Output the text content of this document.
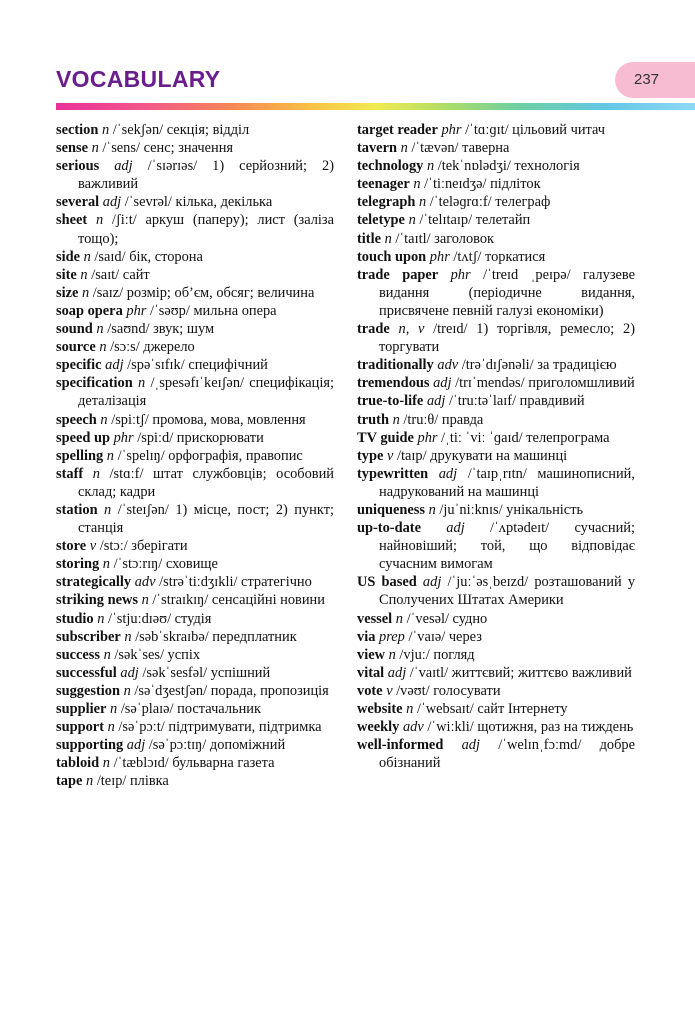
VOCABULARY	237
section n /ˈsekʃən/ секція; відділ
sense n /ˈsens/ сенс; значення
serious adj /ˈsɪərɪəs/ 1) серйозний; 2) важливий
several adj /ˈsevrəl/ кілька, декілька
sheet n /ʃiːt/ аркуш (паперу); лист (заліза тощо);
side n /saɪd/ бік, сторона
site n /saɪt/ сайт
size n /saɪz/ розмір; об’єм, обсяг; величина
soap opera phr /ˈsəʊp/ мильна опера
sound n /saʊnd/ звук; шум
source n /sɔːs/ джерело
specific adj /spəˈsɪfɪk/ специфічний
specification n /ˌspesəfɪˈkeɪʃən/ специфікація; деталізація
speech n /spiːtʃ/ промова, мова, мовлення
speed up phr /spiːd/ прискорювати
spelling n /ˈspelɪŋ/ орфографія, правопис
staff n /stɑːf/ штат службовців; особовий склад; кадри
station n /ˈsteɪʃən/ 1) місце, пост; 2) пункт; станція
store v /stɔː/ зберігати
storing n /ˈstɔːrɪŋ/ сховище
strategically adv /strəˈtiːdʒɪkli/ стратегічно
striking news n /ˈstraɪkɪŋ/ сенсаційні новини
studio n /ˈstjuːdɪəʊ/ студія
subscriber n /səbˈskraɪbə/ передплатник
success n /səkˈses/ успіх
successful adj /səkˈsesfəl/ успішний
suggestion n /səˈdʒestʃən/ порада, пропозиція
supplier n /səˈplaɪə/ постачальник
support n /səˈpɔːt/ підтримувати, підтримка
supporting adj /səˈpɔːtɪŋ/ допоміжний
tabloid n /ˈtæblɔɪd/ бульварна газета
tape n /teɪp/ плівка
target reader phr /ˈtɑːɡɪt/ цільовий читач
tavern n /ˈtævən/ таверна
technology n /tekˈnɒlədʒi/ технологія
teenager n /ˈtiːneɪdʒə/ підліток
telegraph n /ˈteləɡrɑːf/ телеграф
teletype n /ˈtelɪtaɪp/ телетайп
title n /ˈtaɪtl/ заголовок
touch upon phr /tʌtʃ/ торкатися
trade paper phr /ˈtreɪd ˌpeɪpə/ галузеве видання (періодичне видання, присвячене певній галузі економіки)
trade n, v /treɪd/ 1) торгівля, ремесло; 2) торгувати
traditionally adv /trəˈdɪʃənəli/ за традицією
tremendous adj /trɪˈmendəs/ приголомшливий
true-to-life adj /ˈtruːtəˈlaɪf/ правдивий
truth n /truːθ/ правда
TV guide phr /ˌtiː ˈviː ˈɡaɪd/ телепрограма
type v /taɪp/ друкувати на машинці
typewritten adj /ˈtaɪpˌrɪtn/ машинописний, надрукований на машинці
uniqueness n /juˈniːknɪs/ унікальність
up-to-date adj /ˈʌptədeɪt/ сучасний; найновіший; той, що відповідає сучасним вимогам
US based adj /ˈjuːˈəsˌbeɪzd/ розташований у Сполучених Штатах Америки
vessel n /ˈvesəl/ судно
via prep /ˈvaɪə/ через
view n /vjuː/ погляд
vital adj /ˈvaɪtl/ життєвий; життєво важливий
vote v /vəʊt/ голосувати
website n /ˈwebsaɪt/ сайт Інтернету
weekly adv /ˈwiːkli/ щотижня, раз на тиждень
well-informed adj /ˈwelɪnˌfɔːmd/ добре обізнаний
